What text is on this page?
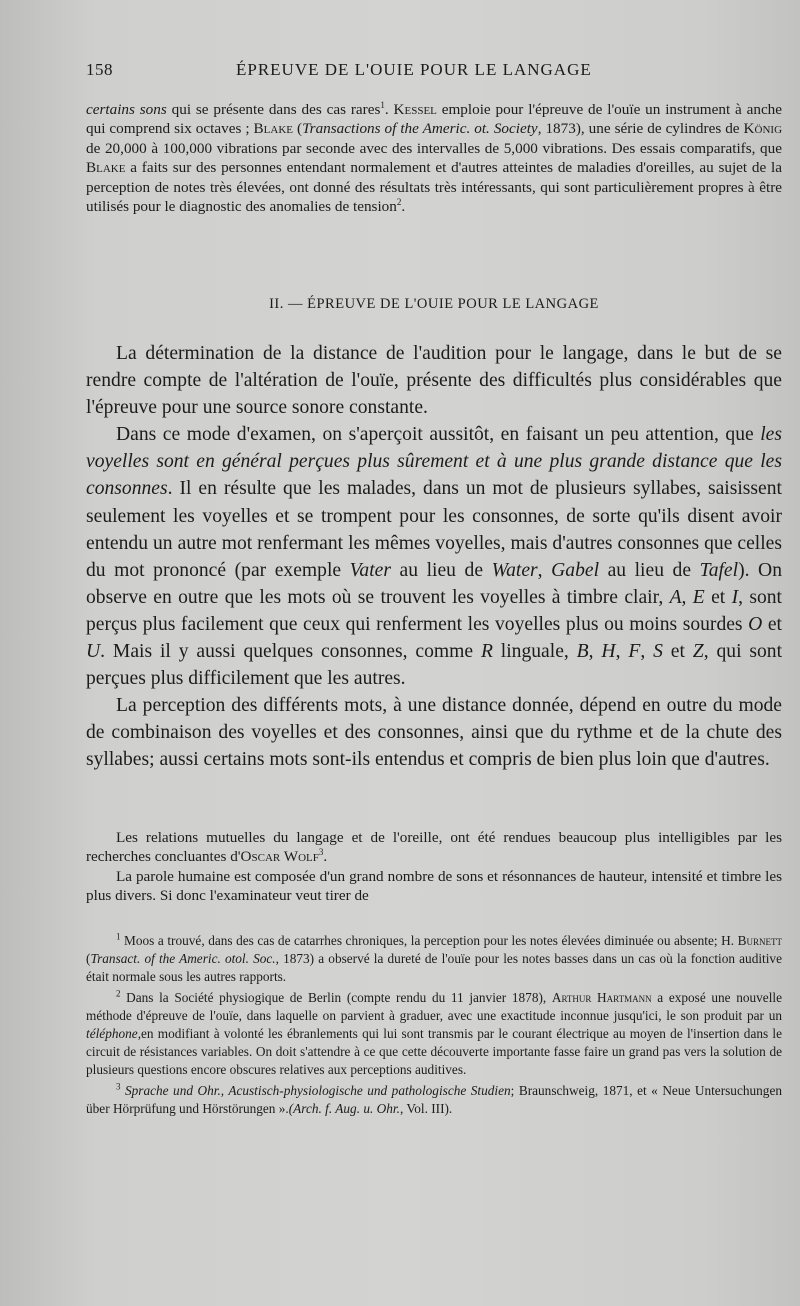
158	ÉPREUVE DE L'OUIE POUR LE LANGAGE

certains sons qui se présente dans des cas rares$^1$. Kessel emploie pour l'épreuve de l'ouïe un instrument à anche qui comprend six octaves ; Blake (Transactions of the Americ. ot. Society, 1873), une série de cylindres de König de 20,000 à 100,000 vibrations par seconde avec des intervalles de 5,000 vibrations. Des essais comparatifs, que Blake a faits sur des personnes entendant normalement et d'autres atteintes de maladies d'oreilles, au sujet de la perception de notes très élevées, ont donné des résultats très intéressants, qui sont particulièrement propres à être utilisés pour le diagnostic des anomalies de tension$^2$.

II. — ÉPREUVE DE L'OUIE POUR LE LANGAGE

La détermination de la distance de l'audition pour le langage, dans le but de se rendre compte de l'altération de l'ouïe, présente des difficultés plus considérables que l'épreuve pour une source sonore constante.

Dans ce mode d'examen, on s'aperçoit aussitôt, en faisant un peu attention, que les voyelles sont en général perçues plus sûrement et à une plus grande distance que les consonnes. Il en résulte que les malades, dans un mot de plusieurs syllabes, saisissent seulement les voyelles et se trompent pour les consonnes, de sorte qu'ils disent avoir entendu un autre mot renfermant les mêmes voyelles, mais d'autres consonnes que celles du mot prononcé (par exemple Vater au lieu de Water, Gabel au lieu de Tafel). On observe en outre que les mots où se trouvent les voyelles à timbre clair, A, E et I, sont perçus plus facilement que ceux qui renferment les voyelles plus ou moins sourdes O et U. Mais il y aussi quelques consonnes, comme R linguale, B, H, F, S et Z, qui sont perçues plus difficilement que les autres.

La perception des différents mots, à une distance donnée, dépend en outre du mode de combinaison des voyelles et des consonnes, ainsi que du rythme et de la chute des syllabes; aussi certains mots sont-ils entendus et compris de bien plus loin que d'autres.

Les relations mutuelles du langage et de l'oreille, ont été rendues beaucoup plus intelligibles par les recherches concluantes d'Oscar Wolf$^3$.

La parole humaine est composée d'un grand nombre de sons et résonnances de hauteur, intensité et timbre les plus divers. Si donc l'examinateur veut tirer de

$^1$ Moos a trouvé, dans des cas de catarrhes chroniques, la perception pour les notes élevées diminuée ou absente; H. Burnett (Transact. of the Americ. otol. Soc., 1873) a observé la dureté de l'ouïe pour les notes basses dans un cas où la fonction auditive était normale sous les autres rapports.

$^2$ Dans la Société physiogique de Berlin (compte rendu du 11 janvier 1878), Arthur Hartmann a exposé une nouvelle méthode d'épreuve de l'ouïe, dans laquelle on parvient à graduer, avec une exactitude inconnue jusqu'ici, le son produit par un téléphone,en modifiant à volonté les ébranlements qui lui sont transmis par le courant électrique au moyen de l'insertion dans le circuit de résistances variables. On doit s'attendre à ce que cette découverte importante fasse faire un grand pas vers la solution de plusieurs questions encore obscures relatives aux perceptions auditives.

$^3$ Sprache und Ohr., Acustisch-physiologische und pathologische Studien; Braunschweig, 1871, et « Neue Untersuchungen über Hörprüfung und Hörstörungen ».(Arch. f. Aug. u. Ohr., Vol. III).
